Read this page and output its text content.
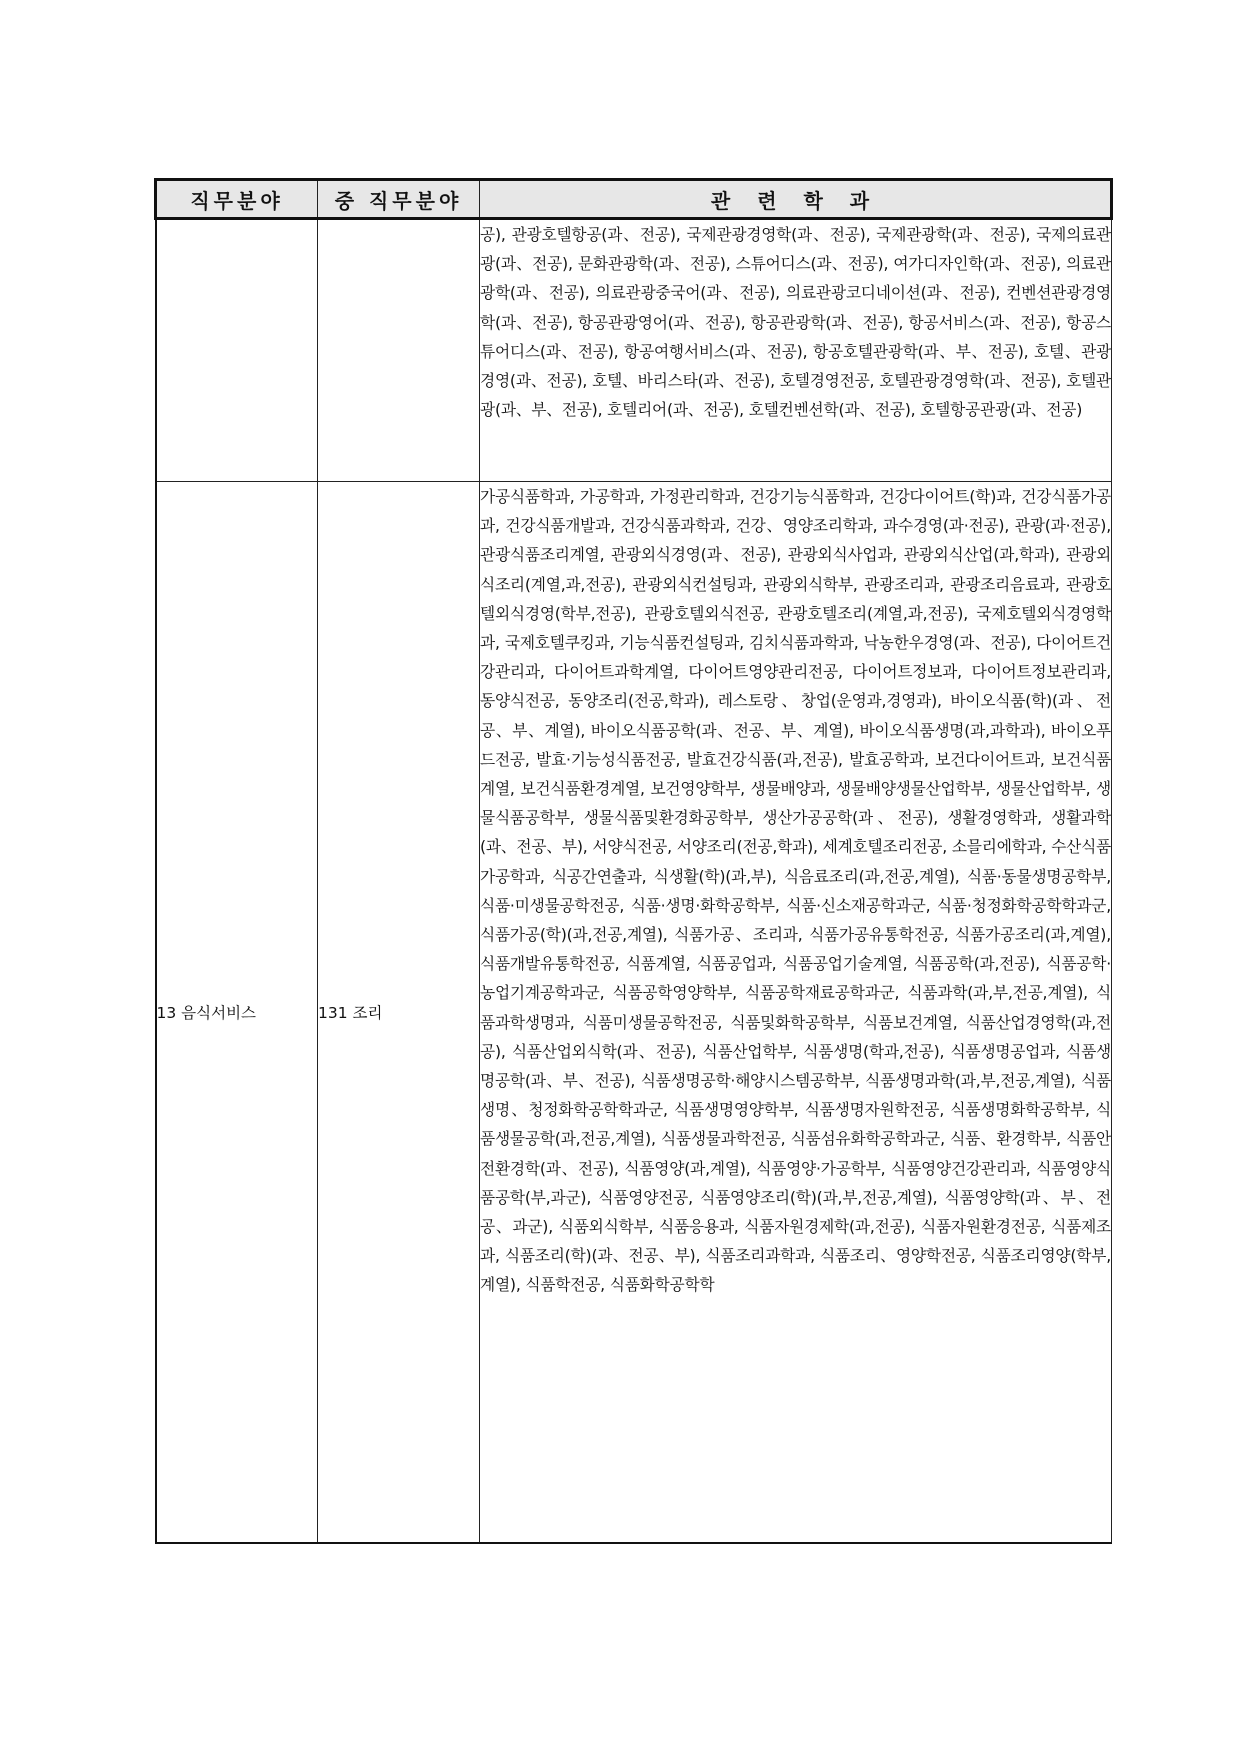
직무분야	중 직무분야	관 련 학 과

		공), 관광호텔항공(과、전공), 국제관광경영학(과、전공), 국제관광학(과、전공), 국제의료관광(과、전공), 문화관광학(과、전공), 스튜어디스(과、전공), 여가디자인학(과、전공), 의료관광학(과、전공), 의료관광중국어(과、전공), 의료관광코디네이션(과、전공), 컨벤션관광경영학(과、전공), 항공관광영어(과、전공), 항공관광학(과、전공), 항공서비스(과、전공), 항공스튜어디스(과、전공), 항공여행서비스(과、전공), 항공호텔관광학(과、부、전공), 호텔、관광경영(과、전공), 호텔、바리스타(과、전공), 호텔경영전공, 호텔관광경영학(과、전공), 호텔관광(과、부、전공), 호텔리어(과、전공), 호텔컨벤션학(과、전공), 호텔항공관광(과、전공)

13 음식서비스	131 조리	가공식품학과, 가공학과, 가정관리학과, 건강기능식품학과, 건강다이어트(학)과, 건강식품가공과, 건강식품개발과, 건강식품과학과, 건강、영양조리학과, 과수경영(과·전공), 관광(과·전공), 관광식품조리계열, 관광외식경영(과、전공), 관광외식사업과, 관광외식산업(과,학과), 관광외식조리(계열,과,전공), 관광외식컨설팅과, 관광외식학부, 관광조리과, 관광조리음료과, 관광호텔외식경영(학부,전공), 관광호텔외식전공, 관광호텔조리(계열,과,전공), 국제호텔외식경영학과, 국제호텔쿠킹과, 기능식품컨설팅과, 김치식품과학과, 낙농한우경영(과、전공), 다이어트건강관리과, 다이어트과학계열, 다이어트영양관리전공, 다이어트정보과, 다이어트정보관리과, 동양식전공, 동양조리(전공,학과), 레스토랑、창업(운영과,경영과), 바이오식품(학)(과、전공、부、계열), 바이오식품공학(과、전공、부、계열), 바이오식품생명(과,과학과), 바이오푸드전공, 발효·기능성식품전공, 발효건강식품(과,전공), 발효공학과, 보건다이어트과, 보건식품계열, 보건식품환경계열, 보건영양학부, 생물배양과, 생물배양생물산업학부, 생물산업학부, 생물식품공학부, 생물식품및환경화공학부, 생산가공공학(과、전공), 생활경영학과, 생활과학(과、전공、부), 서양식전공, 서양조리(전공,학과), 세계호텔조리전공, 소믈리에학과, 수산식품가공학과, 식공간연출과, 식생활(학)(과,부), 식음료조리(과,전공,계열), 식품·동물생명공학부, 식품·미생물공학전공, 식품·생명·화학공학부, 식품·신소재공학과군, 식품·청정화학공학학과군, 식품가공(학)(과,전공,계열), 식품가공、조리과, 식품가공유통학전공, 식품가공조리(과,계열), 식품개발유통학전공, 식품계열, 식품공업과, 식품공업기술계열, 식품공학(과,전공), 식품공학·농업기계공학과군, 식품공학영양학부, 식품공학재료공학과군, 식품과학(과,부,전공,계열), 식품과학생명과, 식품미생물공학전공, 식품및화학공학부, 식품보건계열, 식품산업경영학(과,전공), 식품산업외식학(과、전공), 식품산업학부, 식품생명(학과,전공), 식품생명공업과, 식품생명공학(과、부、전공), 식품생명공학·해양시스템공학부, 식품생명과학(과,부,전공,계열), 식품생명、청정화학공학학과군, 식품생명영양학부, 식품생명자원학전공, 식품생명화학공학부, 식품생물공학(과,전공,계열), 식품생물과학전공, 식품섬유화학공학과군, 식품、환경학부, 식품안전환경학(과、전공), 식품영양(과,계열), 식품영양·가공학부, 식품영양건강관리과, 식품영양식품공학(부,과군), 식품영양전공, 식품영양조리(학)(과,부,전공,계열), 식품영양학(과、부、전공、과군), 식품외식학부, 식품응용과, 식품자원경제학(과,전공), 식품자원환경전공, 식품제조과, 식품조리(학)(과、전공、부), 식품조리과학과, 식품조리、영양학전공, 식품조리영양(학부,계열), 식품학전공, 식품화학공학학
